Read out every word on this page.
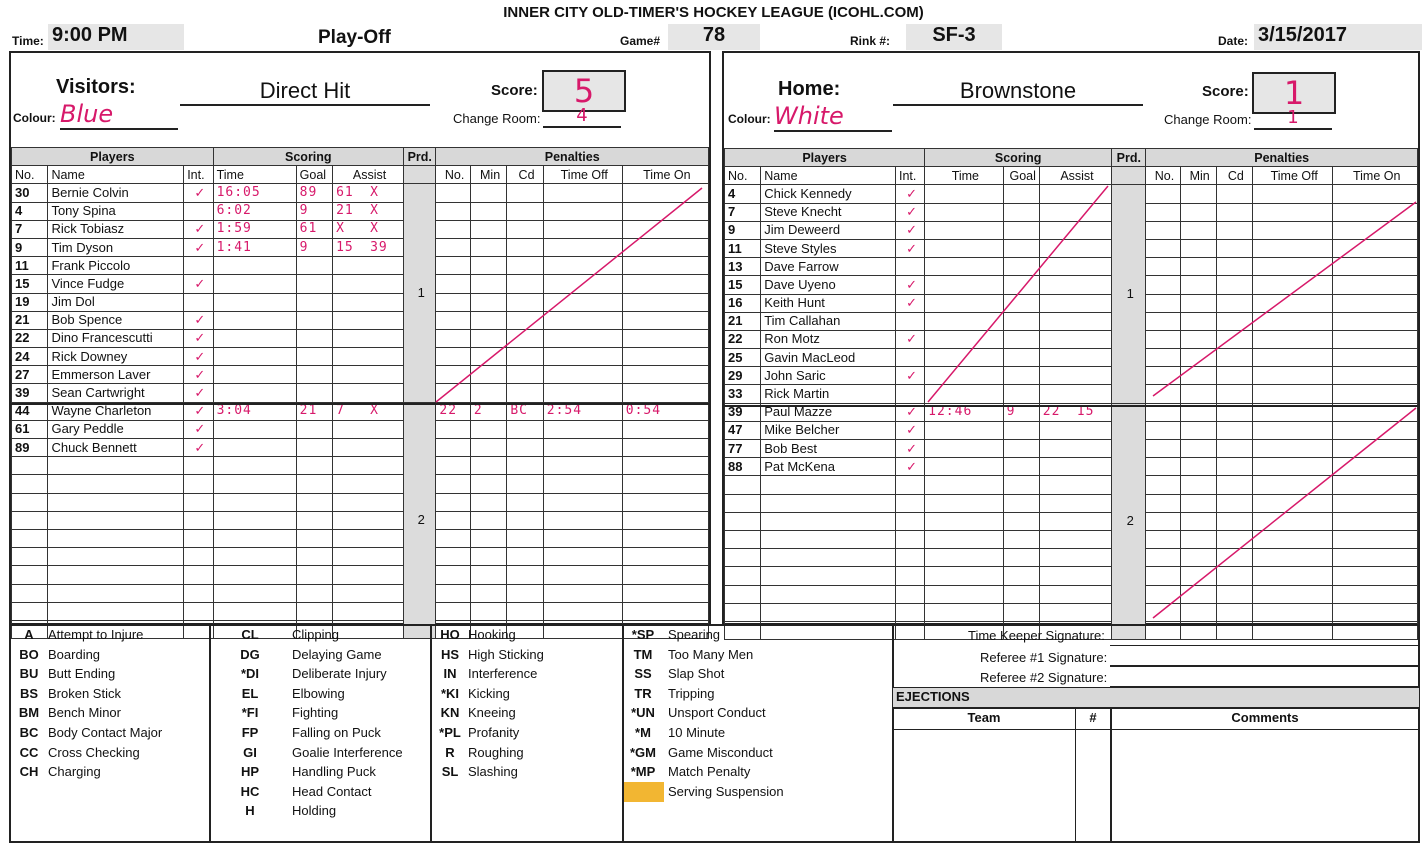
INNER CITY OLD-TIMER'S HOCKEY LEAGUE (ICOHL.COM)
Time: 9:00 PM	Play-Off	Game#	78	Rink #:	SF-3	Date: 3/15/2017
Visitors:	Direct Hit	Score:	5
Colour: Blue	Change Room:	4
Players			Scoring			Prd.	Penalties				
No.	Name	Int.	Time	Goal	Assist		No.	Min	Cd	Time Off	Time On
30	Bernie Colvin	✓	16:05	89	61 X	1					
4	Tony Spina		6:02	9	21 X						
7	Rick Tobiasz	✓	1:59	61	X X						
9	Tim Dyson	✓	1:41	9	15 39						
11	Frank Piccolo										
15	Vince Fudge	✓									
19	Jim Dol										
21	Bob Spence	✓									
22	Dino Francescutti	✓									
24	Rick Downey	✓									
27	Emmerson Laver	✓									
39	Sean Cartwright	✓									
44	Wayne Charleton	✓	3:04	21	7 X	2	22	2	BC	2:54	0:54
61	Gary Peddle	✓									
89	Chuck Bennett	✓									

Home:	Brownstone	Score:	1
Colour: White	Change Room:	1
Players			Scoring			Prd.	Penalties				
No.	Name	Int.	Time	Goal	Assist		No.	Min	Cd	Time Off	Time On
4	Chick Kennedy	✓				1					
7	Steve Knecht	✓									
9	Jim Deweerd	✓									
11	Steve Styles	✓									
13	Dave Farrow										
15	Dave Uyeno	✓									
16	Keith Hunt	✓									
21	Tim Callahan										
22	Ron Motz	✓									
25	Gavin MacLeod										
29	John Saric	✓									
33	Rick Martin										
39	Paul Mazze	✓	12:46	9	22 15	2					
47	Mike Belcher	✓									
77	Bob Best	✓									
88	Pat McKena	✓									

A	Attempt to Injure
BO Boarding
BU Butt Ending
BS Broken Stick
BM Bench Minor
BC Body Contact Major
CC Cross Checking
CH Charging
CL	Clipping
DG	Delaying Game
*DI	Deliberate Injury
EL	Elbowing
*FI	Fighting
FP	Falling on Puck
GI	Goalie Interference
HP	Handling Puck
HC	Head Contact
H	Holding
HO Hooking
HS High Sticking
IN Interference
*KI Kicking
KN Kneeing
*PL Profanity
R	Roughing
SL Slashing
*SP	Spearing
TM	Too Many Men
SS	Slap Shot
TR	Tripping
*UN	Unsport Conduct
*M	10 Minute
*GM Game Misconduct
*MP Match Penalty
Serving Suspension
Time Keeper Signature:
Referee #1 Signature:
Referee #2 Signature:
EJECTIONS
Team	#	Comments
